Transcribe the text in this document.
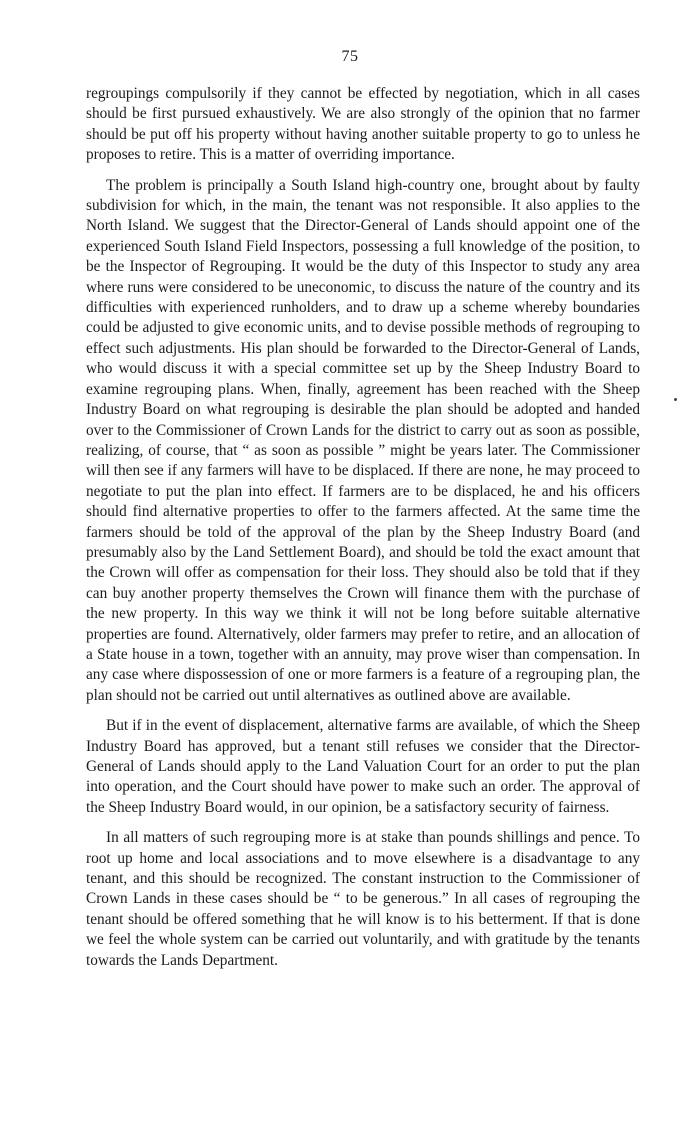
75

regroupings compulsorily if they cannot be effected by negotiation, which in all cases should be first pursued exhaustively. We are also strongly of the opinion that no farmer should be put off his property without having another suitable property to go to unless he proposes to retire. This is a matter of overriding importance.

The problem is principally a South Island high-country one, brought about by faulty subdivision for which, in the main, the tenant was not responsible. It also applies to the North Island. We suggest that the Director-General of Lands should appoint one of the experienced South Island Field Inspectors, possessing a full knowledge of the position, to be the Inspector of Regrouping. It would be the duty of this Inspector to study any area where runs were considered to be uneconomic, to discuss the nature of the country and its difficulties with experienced runholders, and to draw up a scheme whereby boundaries could be adjusted to give economic units, and to devise possible methods of regrouping to effect such adjustments. His plan should be forwarded to the Director-General of Lands, who would discuss it with a special committee set up by the Sheep Industry Board to examine regrouping plans. When, finally, agreement has been reached with the Sheep Industry Board on what regrouping is desirable the plan should be adopted and handed over to the Commissioner of Crown Lands for the district to carry out as soon as possible, realizing, of course, that “ as soon as possible ” might be years later. The Commissioner will then see if any farmers will have to be displaced. If there are none, he may proceed to negotiate to put the plan into effect. If farmers are to be displaced, he and his officers should find alternative properties to offer to the farmers affected. At the same time the farmers should be told of the approval of the plan by the Sheep Industry Board (and presumably also by the Land Settlement Board), and should be told the exact amount that the Crown will offer as compensation for their loss. They should also be told that if they can buy another property themselves the Crown will finance them with the purchase of the new property. In this way we think it will not be long before suitable alternative properties are found. Alternatively, older farmers may prefer to retire, and an allocation of a State house in a town, together with an annuity, may prove wiser than compensation. In any case where dispossession of one or more farmers is a feature of a regrouping plan, the plan should not be carried out until alternatives as outlined above are available.

But if in the event of displacement, alternative farms are available, of which the Sheep Industry Board has approved, but a tenant still refuses we consider that the Director-General of Lands should apply to the Land Valuation Court for an order to put the plan into operation, and the Court should have power to make such an order. The approval of the Sheep Industry Board would, in our opinion, be a satisfactory security of fairness.

In all matters of such regrouping more is at stake than pounds shillings and pence. To root up home and local associations and to move elsewhere is a disadvantage to any tenant, and this should be recognized. The constant instruction to the Commissioner of Crown Lands in these cases should be “ to be generous.” In all cases of regrouping the tenant should be offered something that he will know is to his betterment. If that is done we feel the whole system can be carried out voluntarily, and with gratitude by the tenants towards the Lands Department.
